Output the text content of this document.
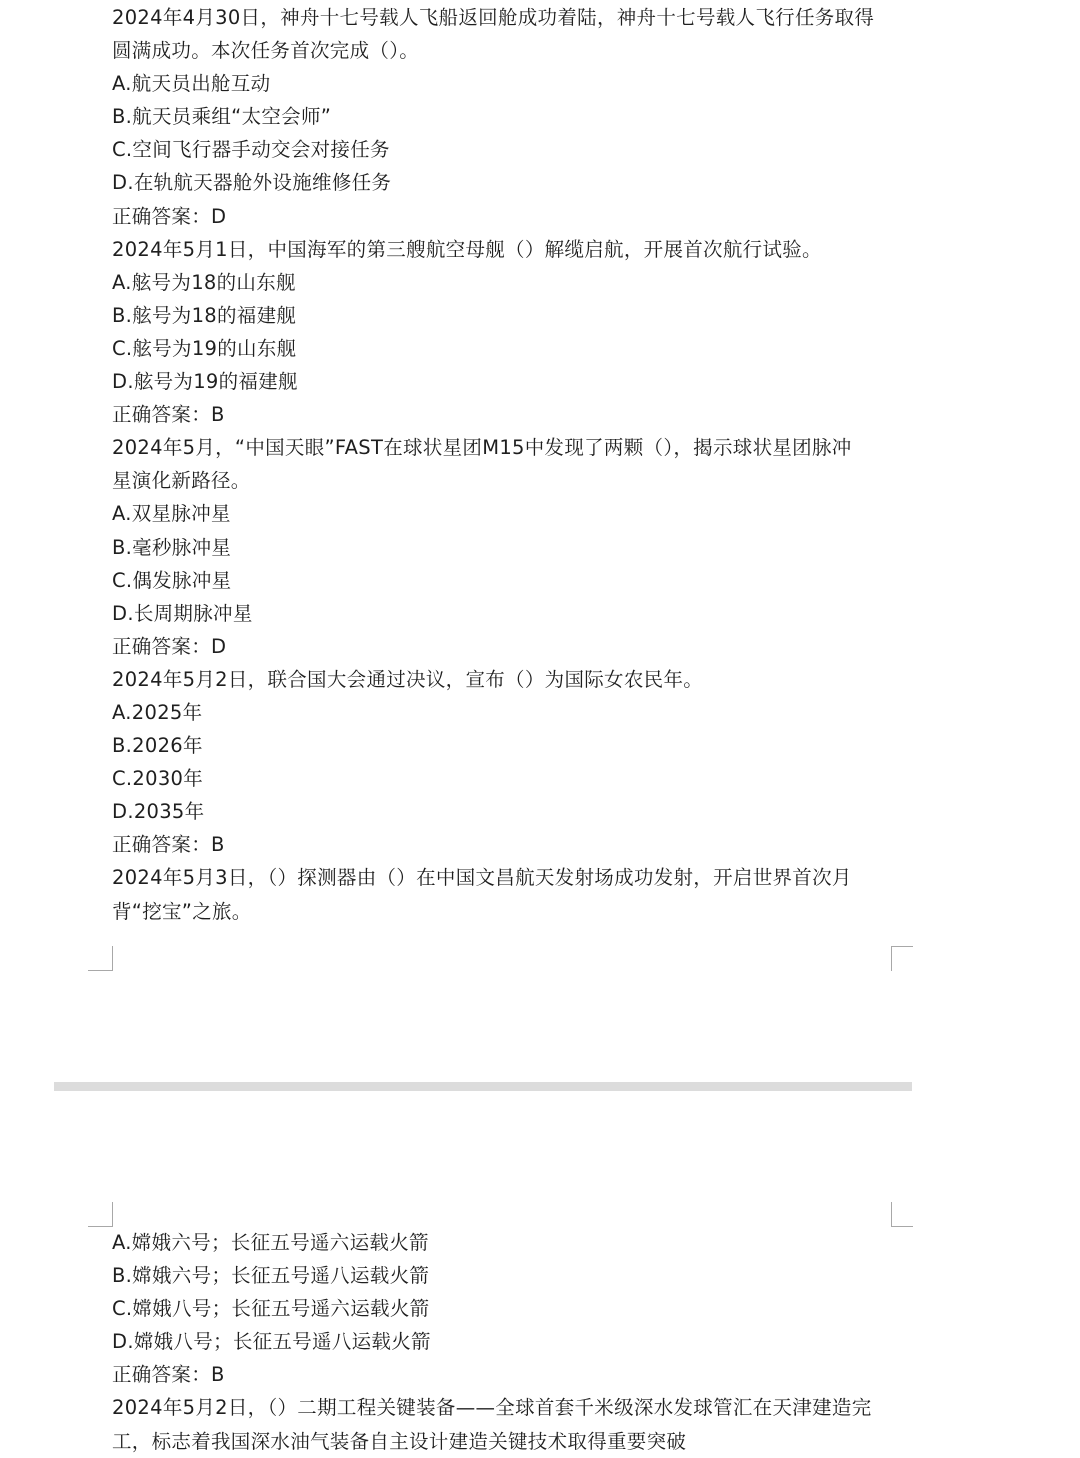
2024年4月30日，神舟十七号载人飞船返回舱成功着陆，神舟十七号载人飞行任务取得
圆满成功。本次任务首次完成（）。
A.航天员出舱互动
B.航天员乘组“太空会师”
C.空间飞行器手动交会对接任务
D.在轨航天器舱外设施维修任务
正确答案：D
2024年5月1日，中国海军的第三艘航空母舰（）解缆启航，开展首次航行试验。
A.舷号为18的山东舰
B.舷号为18的福建舰
C.舷号为19的山东舰
D.舷号为19的福建舰
正确答案：B
2024年5月，“中国天眼”FAST在球状星团M15中发现了两颗（），揭示球状星团脉冲
星演化新路径。
A.双星脉冲星
B.毫秒脉冲星
C.偶发脉冲星
D.长周期脉冲星
正确答案：D
2024年5月2日，联合国大会通过决议，宣布（）为国际女农民年。
A.2025年
B.2026年
C.2030年
D.2035年
正确答案：B
2024年5月3日，（）探测器由（）在中国文昌航天发射场成功发射，开启世界首次月
背“挖宝”之旅。
A.嫦娥六号；长征五号遥六运载火箭
B.嫦娥六号；长征五号遥八运载火箭
C.嫦娥八号；长征五号遥六运载火箭
D.嫦娥八号；长征五号遥八运载火箭
正确答案：B
2024年5月2日，（）二期工程关键装备——全球首套千米级深水发球管汇在天津建造完
工，标志着我国深水油气装备自主设计建造关键技术取得重要突破
